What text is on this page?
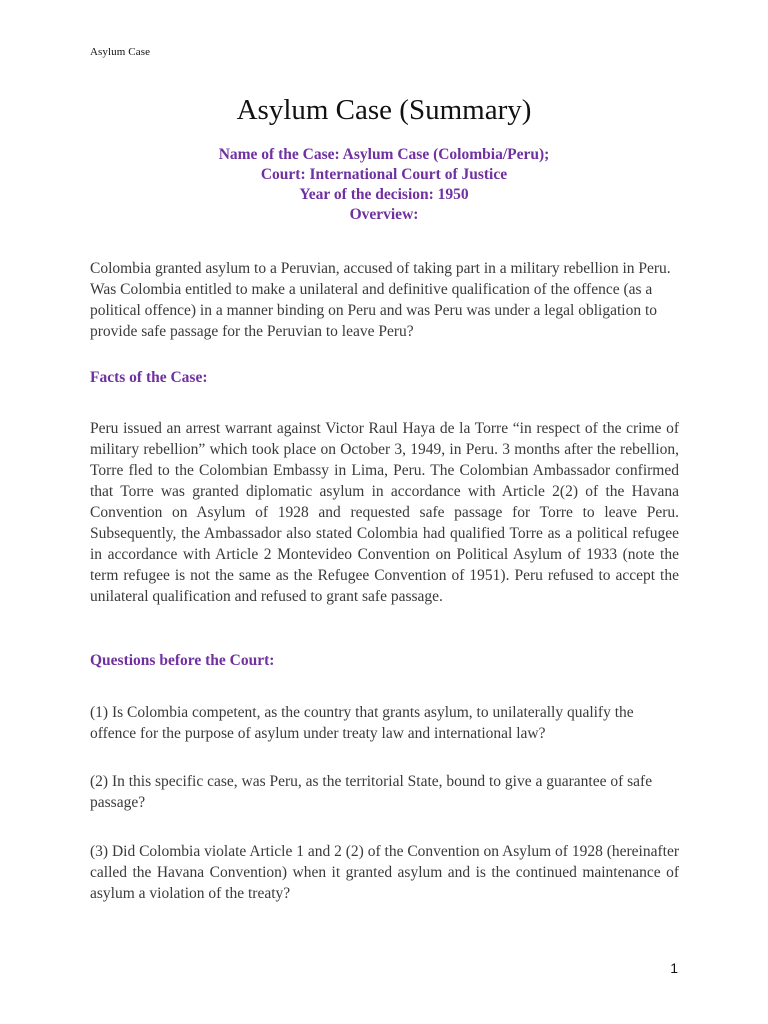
Asylum Case
Asylum Case (Summary)
Name of the Case: Asylum Case (Colombia/Peru);
Court: International Court of Justice
Year of the decision: 1950
Overview:

Colombia granted asylum to a Peruvian, accused of taking part in a military rebellion in Peru. Was Colombia entitled to make a unilateral and definitive qualification of the offence (as a political offence) in a manner binding on Peru and was Peru was under a legal obligation to provide safe passage for the Peruvian to leave Peru?

Facts of the Case:

Peru issued an arrest warrant against Victor Raul Haya de la Torre “in respect of the crime of military rebellion” which took place on October 3, 1949, in Peru. 3 months after the rebellion, Torre fled to the Colombian Embassy in Lima, Peru. The Colombian Ambassador confirmed that Torre was granted diplomatic asylum in accordance with Article 2(2) of the Havana Convention on Asylum of 1928 and requested safe passage for Torre to leave Peru. Subsequently, the Ambassador also stated Colombia had qualified Torre as a political refugee in accordance with Article 2 Montevideo Convention on Political Asylum of 1933 (note the term refugee is not the same as the Refugee Convention of 1951). Peru refused to accept the unilateral qualification and refused to grant safe passage.

Questions before the Court:

(1) Is Colombia competent, as the country that grants asylum, to unilaterally qualify the offence for the purpose of asylum under treaty law and international law?

(2) In this specific case, was Peru, as the territorial State, bound to give a guarantee of safe passage?

(3) Did Colombia violate Article 1 and 2 (2) of the Convention on Asylum of 1928 (hereinafter called the Havana Convention) when it granted asylum and is the continued maintenance of asylum a violation of the treaty?

1
